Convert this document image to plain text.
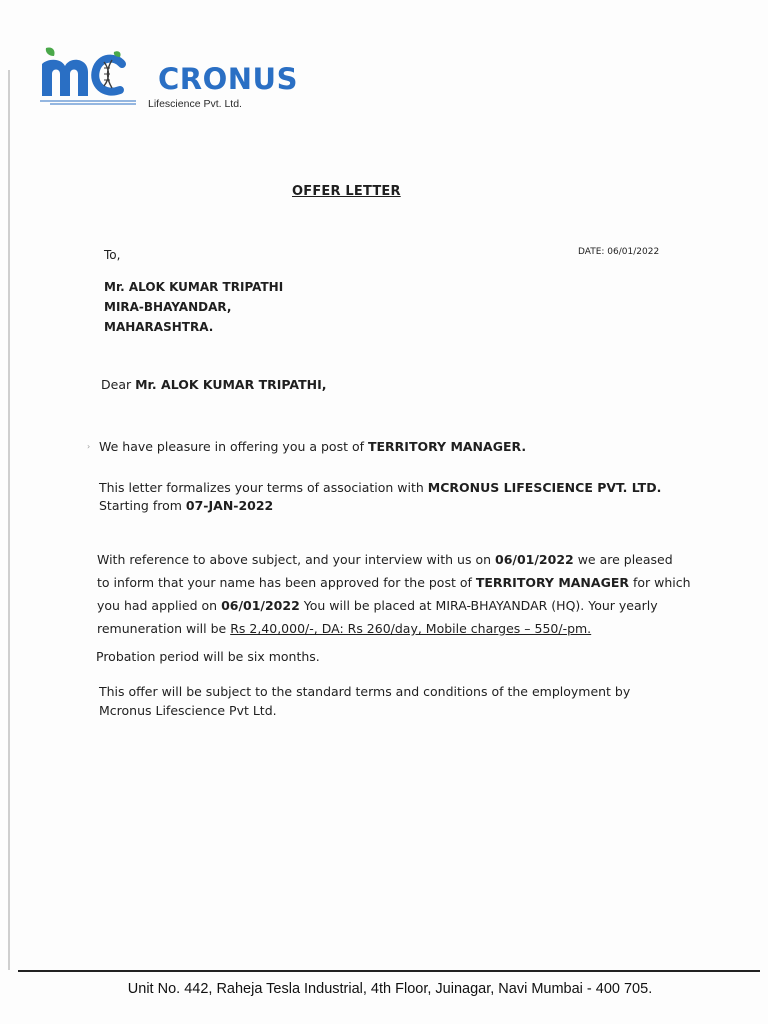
CRONUS
Lifescience Pvt. Ltd.
OFFER LETTER
To,	DATE: 06/01/2022
Mr. ALOK KUMAR TRIPATHI
MIRA-BHAYANDAR,
MAHARASHTRA.
Dear Mr. ALOK KUMAR TRIPATHI,
› We have pleasure in offering you a post of TERRITORY MANAGER.
This letter formalizes your terms of association with MCRONUS LIFESCIENCE PVT. LTD.
Starting from 07-JAN-2022
With reference to above subject, and your interview with us on 06/01/2022 we are pleased
to inform that your name has been approved for the post of TERRITORY MANAGER for which
you had applied on 06/01/2022 You will be placed at MIRA-BHAYANDAR (HQ). Your yearly
remuneration will be Rs 2,40,000/-, DA: Rs 260/day, Mobile charges – 550/-pm.
Probation period will be six months.
This offer will be subject to the standard terms and conditions of the employment by
Mcronus Lifescience Pvt Ltd.
Unit No. 442, Raheja Tesla Industrial, 4th Floor, Juinagar, Navi Mumbai - 400 705.
